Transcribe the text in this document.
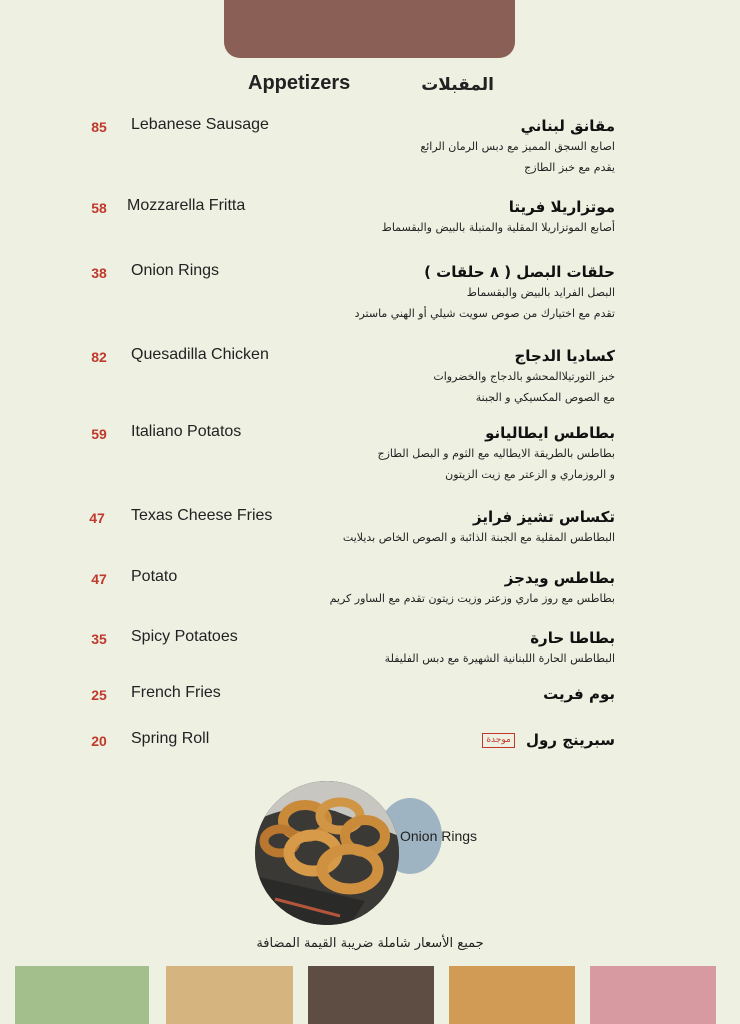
Appetizers	المقبلات
85	Lebanese Sausage	مقانق لبناني
اصابع السجق المميز مع دبس الرمان الرائع
يقدم مع خبز الطازج
58	Mozzarella Fritta	موتزاريلا فريتا
أصابع الموتزاريلا المقلية والمتبلة بالبيض والبقسماط
38	Onion Rings	حلقات البصل ( ٨ حلقات )
البصل الفرايد بالبيض والبقسماط
تقدم مع اختيارك من صوص سويت شيلي أو الهني ماسترد
82	Quesadilla Chicken	كساديا الدجاج
خبز التورتيلاالمحشو بالدجاج والخضروات
مع الصوص المكسيكي و الجبنة
59	Italiano Potatos	بطاطس ايطاليانو
بطاطس بالطريقة الايطاليه مع الثوم و البصل الطازج
و الروزماري و الزعتر مع زيت الزيتون
47	Texas Cheese Fries	تكساس تشيز فرايز
البطاطس المقلية مع الجبنة الذائبة و الصوص الخاص بديلايت
47	Potato	بطاطس ويدجز
بطاطس مع روز ماري وزعتر وزيت زيتون تقدم مع الساور كريم
35	Spicy Potatoes	بطاطا حارة
البطاطس الحارة اللبنانية الشهيرة مع دبس الفليفلة
25	French Fries	بوم فريت
20	Spring Roll	سبرينج رول موجدة
Onion Rings
جميع الأسعار شاملة ضريبة القيمة المضافة
